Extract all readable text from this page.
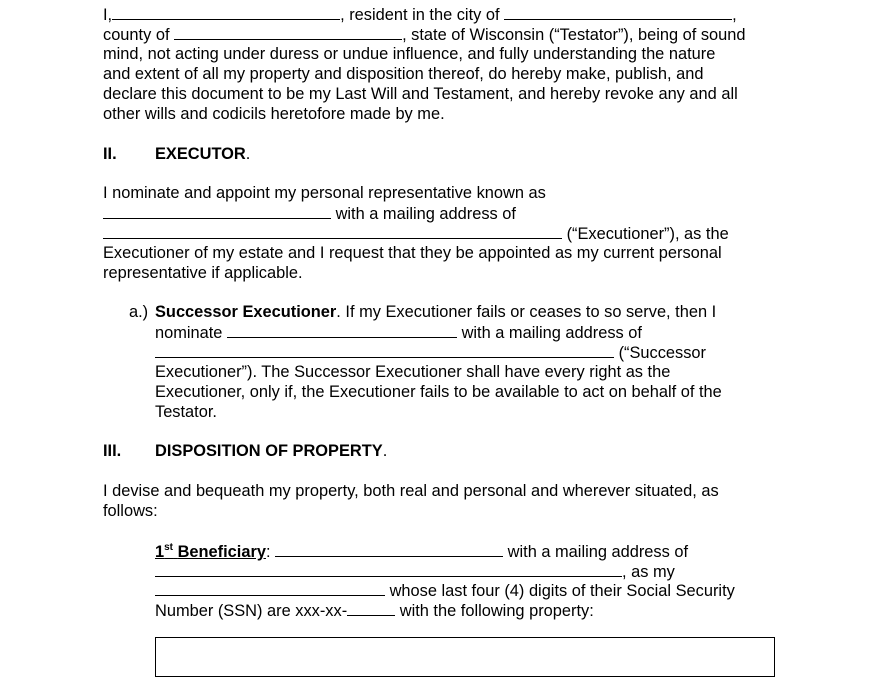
I,	, resident in the city of	,
county of	, state of Wisconsin (“Testator”), being of sound
mind, not acting under duress or undue influence, and fully understanding the nature
and extent of all my property and disposition thereof, do hereby make, publish, and
declare this document to be my Last Will and Testament, and hereby revoke any and all
other wills and codicils heretofore made by me.
II. EXECUTOR.
I nominate and appoint my personal representative known as
with a mailing address of
(“Executioner”), as the
Executioner of my estate and I request that they be appointed as my current personal
representative if applicable.
a.) Successor Executioner. If my Executioner fails or ceases to so serve, then I
nominate	with a mailing address of
(“Successor
Executioner”). The Successor Executioner shall have every right as the
Executioner, only if, the Executioner fails to be available to act on behalf of the
Testator.
III. DISPOSITION OF PROPERTY.
I devise and bequeath my property, both real and personal and wherever situated, as
follows:
1st Beneficiary:	with a mailing address of
, as my
whose last four (4) digits of their Social Security
Number (SSN) are xxx-xx-	with the following property:
